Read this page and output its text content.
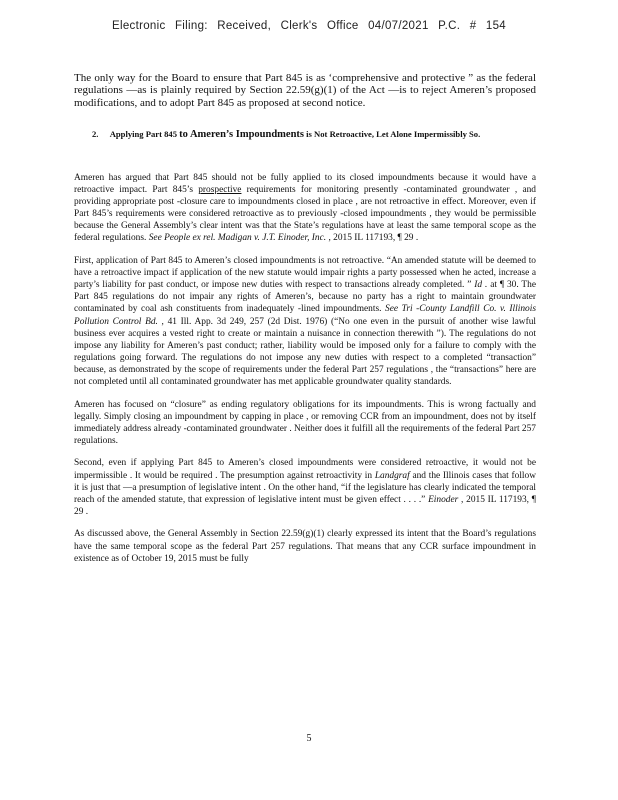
Electronic Filing: Received, Clerk's Office 04/07/2021 P.C. # 154

The only way for the Board to ensure that Part 845 is as ‘comprehensive and protective ” as the federal regulations —as is plainly required by Section 22.59(g)(1) of the Act —is to reject Ameren’s proposed modifications, and to adopt Part 845 as proposed at second notice.

2. Applying Part 845 to Ameren’s Impoundments is Not Retroactive, Let Alone Impermissibly So.

Ameren has argued that Part 845 should not be fully applied to its closed impoundments because it would have a retroactive impact. Part 845’s prospective requirements for monitoring presently -contaminated groundwater , and providing appropriate post -closure care to impoundments closed in place , are not retroactive in effect. Moreover, even if Part 845’s requirements were considered retroactive as to previously -closed impoundments , they would be permissible because the General Assembly’s clear intent was that the State’s regulations have at least the same temporal scope as the federal regulations. See People ex rel. Madigan v. J.T. Einoder, Inc. , 2015 IL 117193, ¶ 29 .

First, application of Part 845 to Ameren’s closed impoundments is not retroactive. “An amended statute will be deemed to have a retroactive impact if application of the new statute would impair rights a party possessed when he acted, increase a party’s liability for past conduct, or impose new duties with respect to transactions already completed. ” Id . at ¶ 30. The Part 845 regulations do not impair any rights of Ameren’s, because no party has a right to maintain groundwater contaminated by coal ash constituents from inadequately -lined impoundments. See Tri -County Landfill Co. v. Illinois Pollution Control Bd. , 41 Ill. App. 3d 249, 257 (2d Dist. 1976) (“No one even in the pursuit of another wise lawful business ever acquires a vested right to create or maintain a nuisance in connection therewith ”). The regulations do not impose any liability for Ameren’s past conduct; rather, liability would be imposed only for a failure to comply with the regulations going forward. The regulations do not impose any new duties with respect to a completed “transaction” because, as demonstrated by the scope of requirements under the federal Part 257 regulations , the “transactions” here are not completed until all contaminated groundwater has met applicable groundwater quality standards.

Ameren has focused on “closure” as ending regulatory obligations for its impoundments. This is wrong factually and legally. Simply closing an impoundment by capping in place , or removing CCR from an impoundment, does not by itself immediately address already -contaminated groundwater . Neither does it fulfill all the requirements of the federal Part 257 regulations.

Second, even if applying Part 845 to Ameren’s closed impoundments were considered retroactive, it would not be impermissible . It would be required . The presumption against retroactivity in Landgraf and the Illinois cases that follow it is just that —a presumption of legislative intent . On the other hand, “if the legislature has clearly indicated the temporal reach of the amended statute, that expression of legislative intent must be given effect . . . .” Einoder , 2015 IL 117193, ¶ 29 .

As discussed above, the General Assembly in Section 22.59(g)(1) clearly expressed its intent that the Board’s regulations have the same temporal scope as the federal Part 257 regulations. That means that any CCR surface impoundment in existence as of October 19, 2015 must be fully

5
